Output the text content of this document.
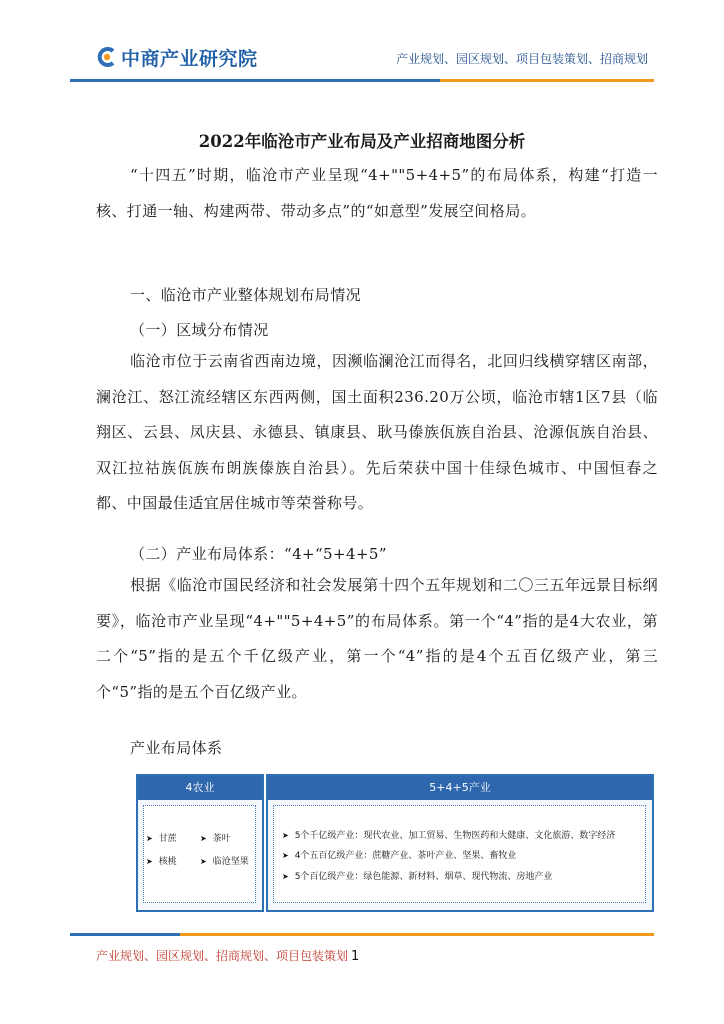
中商产业研究院	产业规划、园区规划、项目包装策划、招商规划
2022年临沧市产业布局及产业招商地图分析
“十四五”时期，临沧市产业呈现“4+""5+4+5”的布局体系，构建“打造一核、打通一轴、构建两带、带动多点”的“如意型”发展空间格局。
一、临沧市产业整体规划布局情况
（一）区域分布情况
临沧市位于云南省西南边境，因濒临澜沧江而得名，北回归线横穿辖区南部，澜沧江、怒江流经辖区东西两侧，国土面积236.20万公顷，临沧市辖1区7县（临翔区、云县、凤庆县、永德县、镇康县、耿马傣族佤族自治县、沧源佤族自治县、双江拉祜族佤族布朗族傣族自治县）。先后荣获中国十佳绿色城市、中国恒春之都、中国最佳适宜居住城市等荣誉称号。
（二）产业布局体系：“4+“5+4+5”
根据《临沧市国民经济和社会发展第十四个五年规划和二〇三五年远景目标纲要》，临沧市产业呈现“4+""5+4+5”的布局体系。第一个“4”指的是4大农业，第二个“5”指的是五个千亿级产业，第一个“4”指的是4个五百亿级产业，第三个“5”指的是五个百亿级产业。
产业布局体系
4农业
➤ 甘蔗	➤ 茶叶
➤ 核桃	➤ 临沧坚果
5+4+5产业
➤ 5个千亿级产业：现代农业、加工贸易、生物医药和大健康、文化旅游、数字经济
➤ 4个五百亿级产业：蔗糖产业、茶叶产业、坚果、畜牧业
➤ 5个百亿级产业：绿色能源、新材料、烟草、现代物流、房地产业
产业规划、园区规划、招商规划、项目包装策划 1
